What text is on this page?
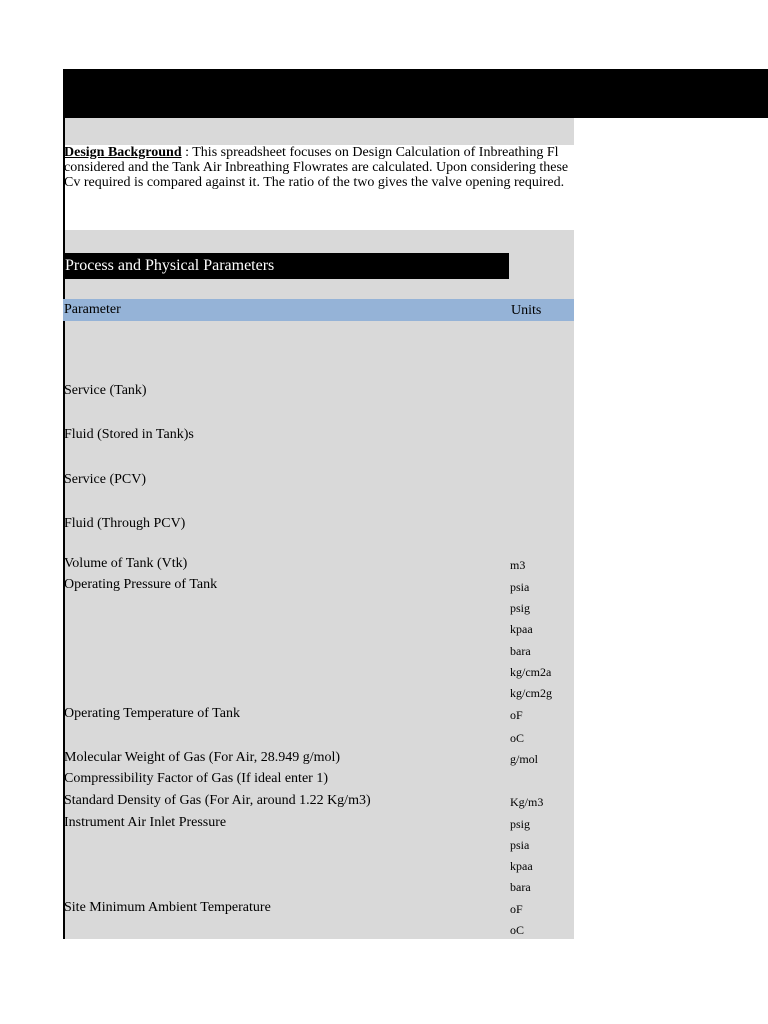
Design Background : This spreadsheet focuses on Design Calculation of Inbreathing Fl
considered and the Tank Air Inbreathing Flowrates are calculated. Upon considering these
Cv required is compared against it. The ratio of the two gives the valve opening required.
Process and Physical Parameters
Parameter	Units
Service (Tank)
Fluid (Stored in Tank)s
Service (PCV)
Fluid (Through PCV)
Volume of Tank (Vtk)
Operating Pressure of Tank
Operating Temperature of Tank
Molecular Weight of Gas (For Air, 28.949 g/mol)
Compressibility Factor of Gas (If ideal enter 1)
Standard Density of Gas (For Air, around 1.22 Kg/m3)
Instrument Air Inlet Pressure
Site Minimum Ambient Temperature
m3
psia
psig
kpaa
bara
kg/cm2a
kg/cm2g
oF
oC
g/mol
Kg/m3
psig
psia
kpaa
bara
oF
oC
